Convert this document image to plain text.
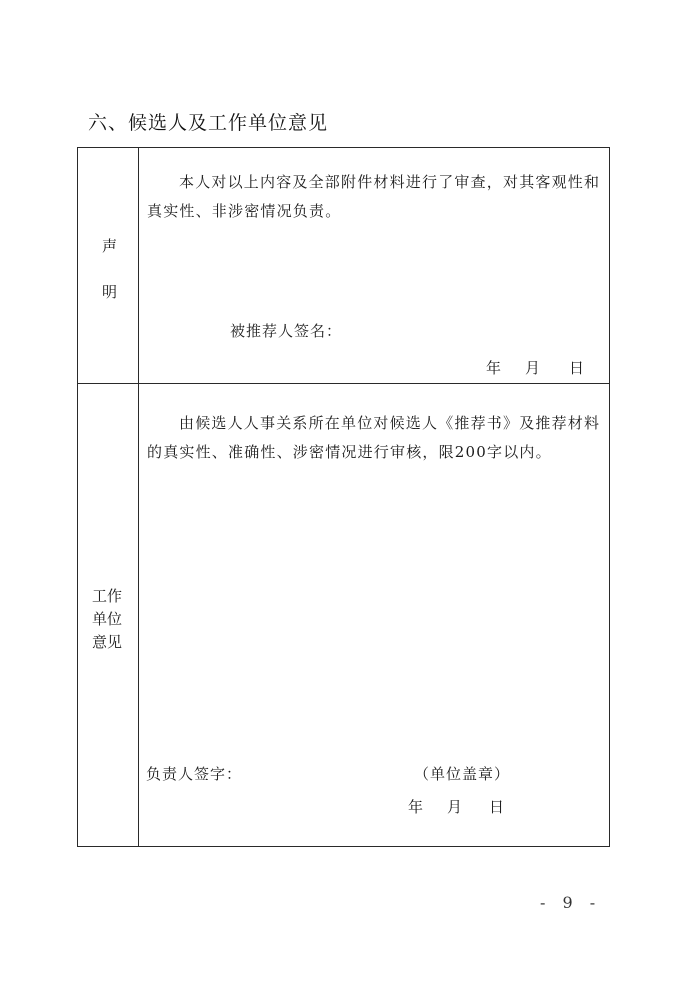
六、候选人及工作单位意见
声
明

本人对以上内容及全部附件材料进行了审查，对其客观性和真实性、非涉密情况负责。

被推荐人签名：
年 月 日
工作
单位
意见

由候选人人事关系所在单位对候选人《推荐书》及推荐材料的真实性、准确性、涉密情况进行审核，限200字以内。

负责人签字：	（单位盖章）
年 月 日
- 9 -
